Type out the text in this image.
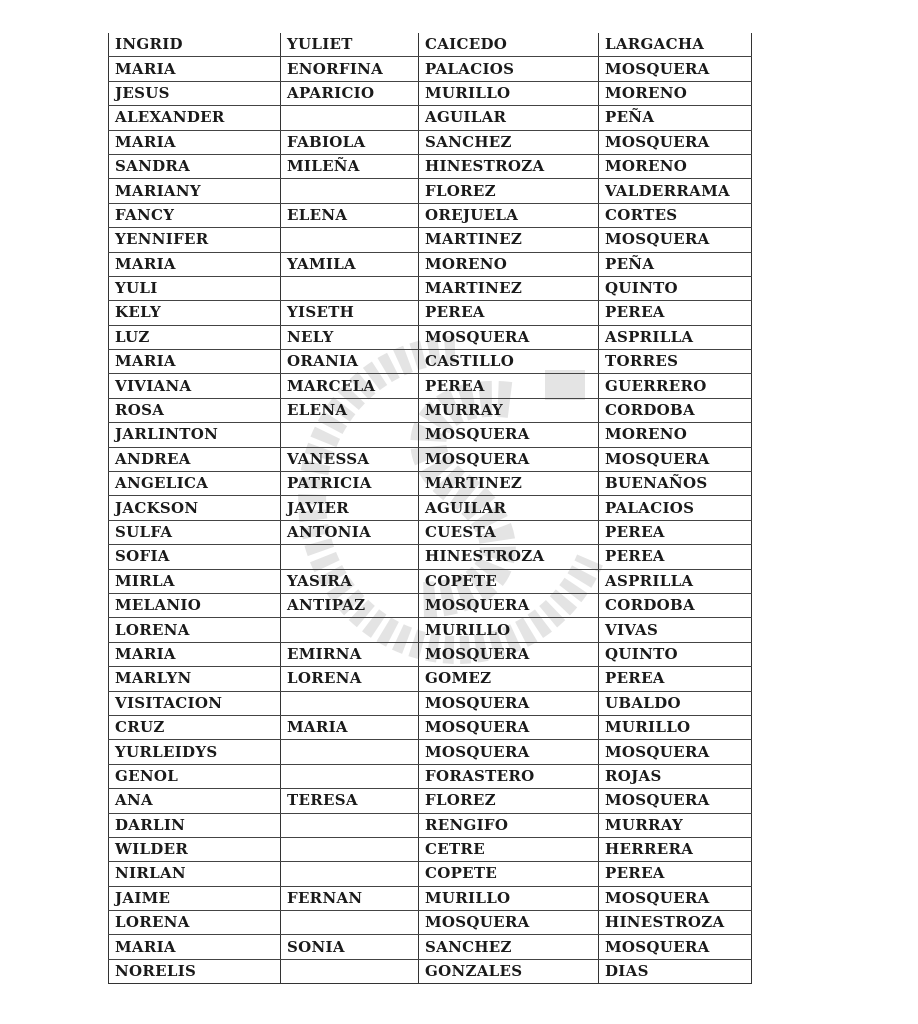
INGRID	YULIET	CAICEDO	LARGACHA
MARIA	ENORFINA	PALACIOS	MOSQUERA
JESUS	APARICIO	MURILLO	MORENO
ALEXANDER		AGUILAR	PEÑA
MARIA	FABIOLA	SANCHEZ	MOSQUERA
SANDRA	MILEÑA	HINESTROZA	MORENO
MARIANY		FLOREZ	VALDERRAMA
FANCY	ELENA	OREJUELA	CORTES
YENNIFER		MARTINEZ	MOSQUERA
MARIA	YAMILA	MORENO	PEÑA
YULI		MARTINEZ	QUINTO
KELY	YISETH	PEREA	PEREA
LUZ	NELY	MOSQUERA	ASPRILLA
MARIA	ORANIA	CASTILLO	TORRES
VIVIANA	MARCELA	PEREA	GUERRERO
ROSA	ELENA	MURRAY	CORDOBA
JARLINTON		MOSQUERA	MORENO
ANDREA	VANESSA	MOSQUERA	MOSQUERA
ANGELICA	PATRICIA	MARTINEZ	BUENAÑOS
JACKSON	JAVIER	AGUILAR	PALACIOS
SULFA	ANTONIA	CUESTA	PEREA
SOFIA		HINESTROZA	PEREA
MIRLA	YASIRA	COPETE	ASPRILLA
MELANIO	ANTIPAZ	MOSQUERA	CORDOBA
LORENA		MURILLO	VIVAS
MARIA	EMIRNA	MOSQUERA	QUINTO
MARLYN	LORENA	GOMEZ	PEREA
VISITACION		MOSQUERA	UBALDO
CRUZ	MARIA	MOSQUERA	MURILLO
YURLEIDYS		MOSQUERA	MOSQUERA
GENOL		FORASTERO	ROJAS
ANA	TERESA	FLOREZ	MOSQUERA
DARLIN		RENGIFO	MURRAY
WILDER		CETRE	HERRERA
NIRLAN		COPETE	PEREA
JAIME	FERNAN	MURILLO	MOSQUERA
LORENA		MOSQUERA	HINESTROZA
MARIA	SONIA	SANCHEZ	MOSQUERA
NORELIS		GONZALES	DIAS
